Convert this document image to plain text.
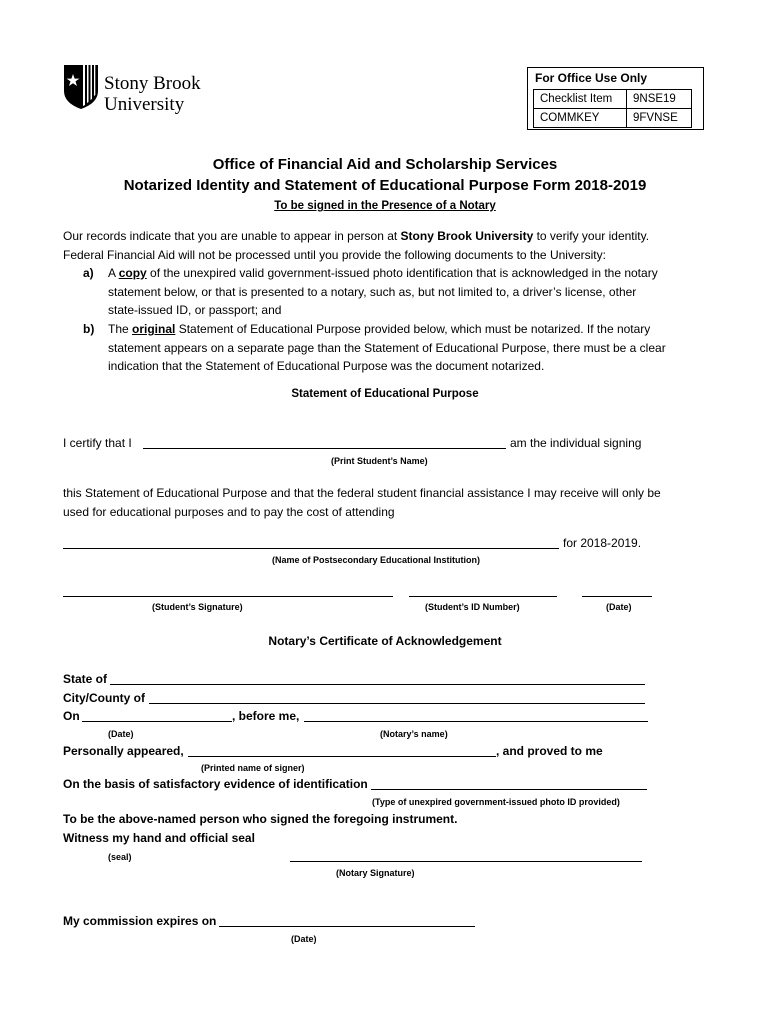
Stony Brook
University
For Office Use Only
Checklist Item	9NSE19
COMMKEY	9FVNSE
Office of Financial Aid and Scholarship Services
Notarized Identity and Statement of Educational Purpose Form 2018-2019
To be signed in the Presence of a Notary
Our records indicate that you are unable to appear in person at Stony Brook University to verify your identity.
Federal Financial Aid will not be processed until you provide the following documents to the University:
a) A copy of the unexpired valid government-issued photo identification that is acknowledged in the notary
statement below, or that is presented to a notary, such as, but not limited to, a driver’s license, other
state-issued ID, or passport; and
b) The original Statement of Educational Purpose provided below, which must be notarized. If the notary
statement appears on a separate page than the Statement of Educational Purpose, there must be a clear
indication that the Statement of Educational Purpose was the document notarized.
Statement of Educational Purpose
I certify that I	am the individual signing
(Print Student’s Name)
this Statement of Educational Purpose and that the federal student financial assistance I may receive will only be
used for educational purposes and to pay the cost of attending
for 2018-2019.
(Name of Postsecondary Educational Institution)
(Student’s Signature)	(Student’s ID Number)	(Date)
Notary’s Certificate of Acknowledgement
State of
City/County of
On	, before me,
(Date)	(Notary’s name)
Personally appeared,	, and proved to me
(Printed name of signer)
On the basis of satisfactory evidence of identification
(Type of unexpired government-issued photo ID provided)
To be the above-named person who signed the foregoing instrument.
Witness my hand and official seal
(seal)
(Notary Signature)
My commission expires on
(Date)
